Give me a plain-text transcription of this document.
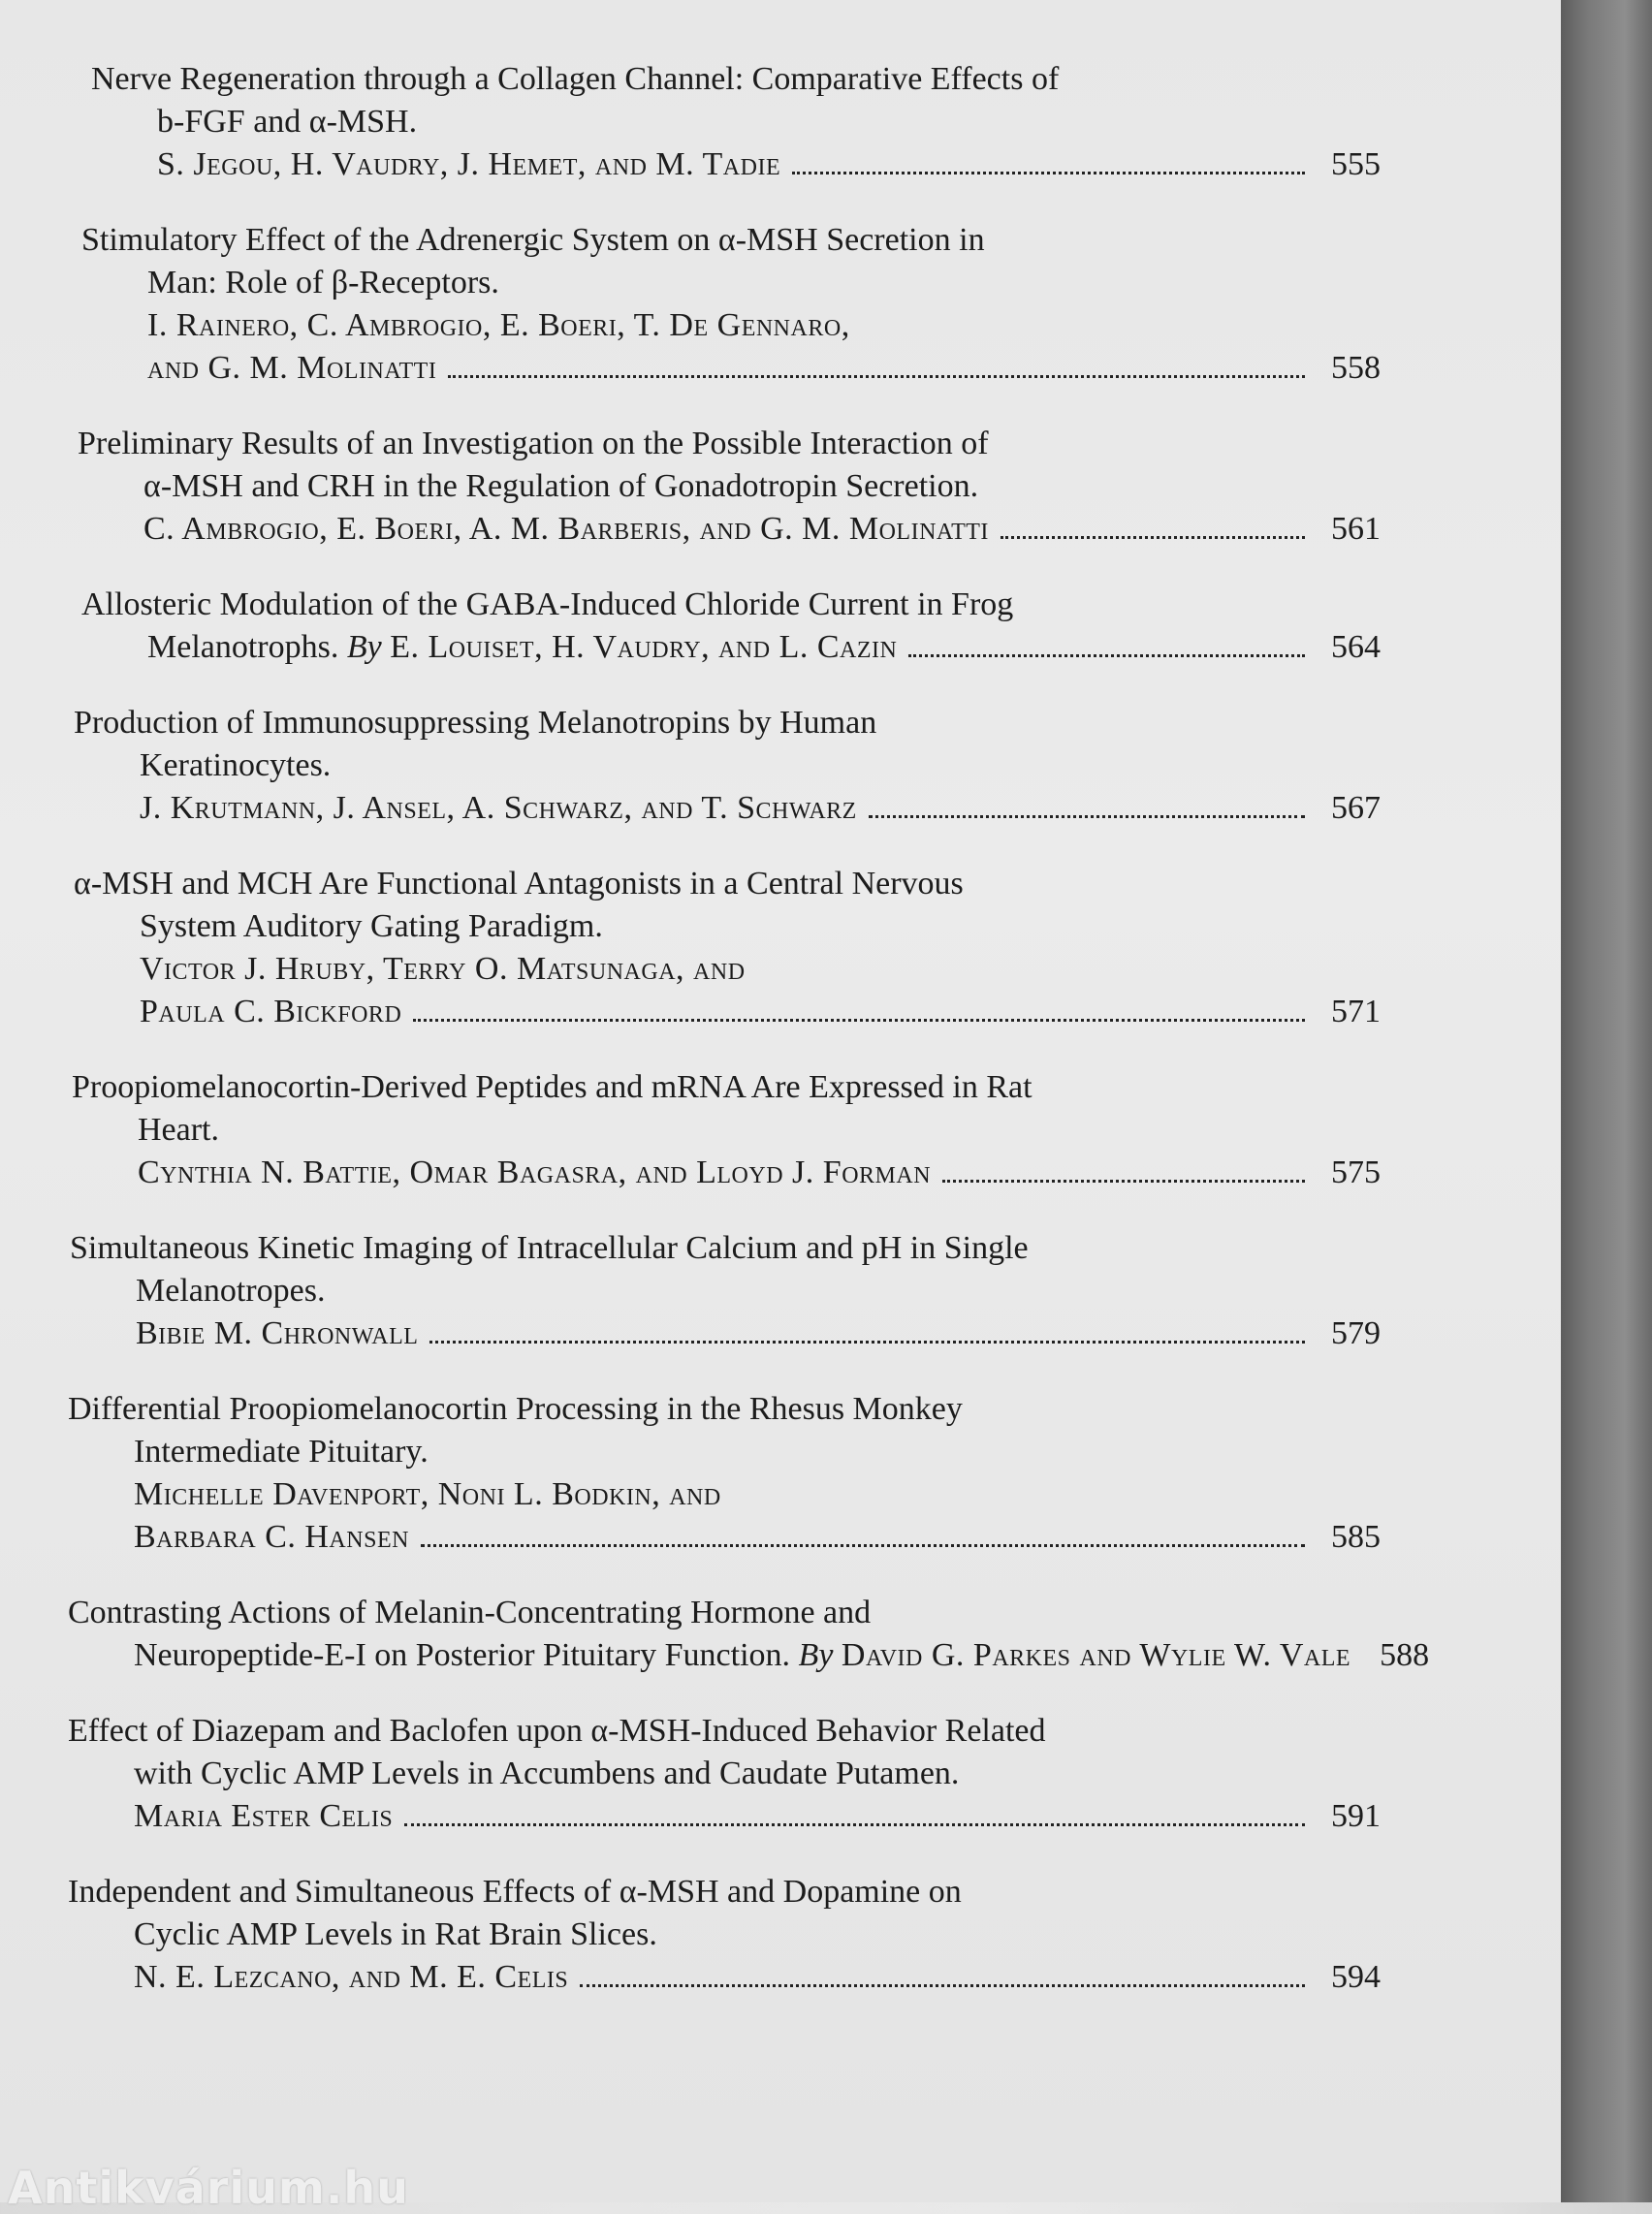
Nerve Regeneration through a Collagen Channel: Comparative Effects of
b-FGF and α-MSH.
S. Jegou, H. Vaudry, J. Hemet, and M. Tadie	555
Stimulatory Effect of the Adrenergic System on α-MSH Secretion in
Man: Role of β-Receptors.
I. Rainero, C. Ambrogio, E. Boeri, T. De Gennaro,
and G. M. Molinatti	558
Preliminary Results of an Investigation on the Possible Interaction of
α-MSH and CRH in the Regulation of Gonadotropin Secretion.
C. Ambrogio, E. Boeri, A. M. Barberis, and G. M. Molinatti	561
Allosteric Modulation of the GABA-Induced Chloride Current in Frog
Melanotrophs. By E. Louiset, H. Vaudry, and L. Cazin	564
Production of Immunosuppressing Melanotropins by Human
Keratinocytes.
J. Krutmann, J. Ansel, A. Schwarz, and T. Schwarz	567
α-MSH and MCH Are Functional Antagonists in a Central Nervous
System Auditory Gating Paradigm.
Victor J. Hruby, Terry O. Matsunaga, and
Paula C. Bickford	571
Proopiomelanocortin-Derived Peptides and mRNA Are Expressed in Rat
Heart.
Cynthia N. Battie, Omar Bagasra, and Lloyd J. Forman	575
Simultaneous Kinetic Imaging of Intracellular Calcium and pH in Single
Melanotropes.
Bibie M. Chronwall	579
Differential Proopiomelanocortin Processing in the Rhesus Monkey
Intermediate Pituitary.
Michelle Davenport, Noni L. Bodkin, and
Barbara C. Hansen	585
Contrasting Actions of Melanin-Concentrating Hormone and
Neuropeptide-E-I on Posterior Pituitary Function. By David G. Parkes and Wylie W. Vale 588
Effect of Diazepam and Baclofen upon α-MSH-Induced Behavior Related
with Cyclic AMP Levels in Accumbens and Caudate Putamen.
Maria Ester Celis	591
Independent and Simultaneous Effects of α-MSH and Dopamine on
Cyclic AMP Levels in Rat Brain Slices.
N. E. Lezcano, and M. E. Celis	594
Antikvárium.hu
